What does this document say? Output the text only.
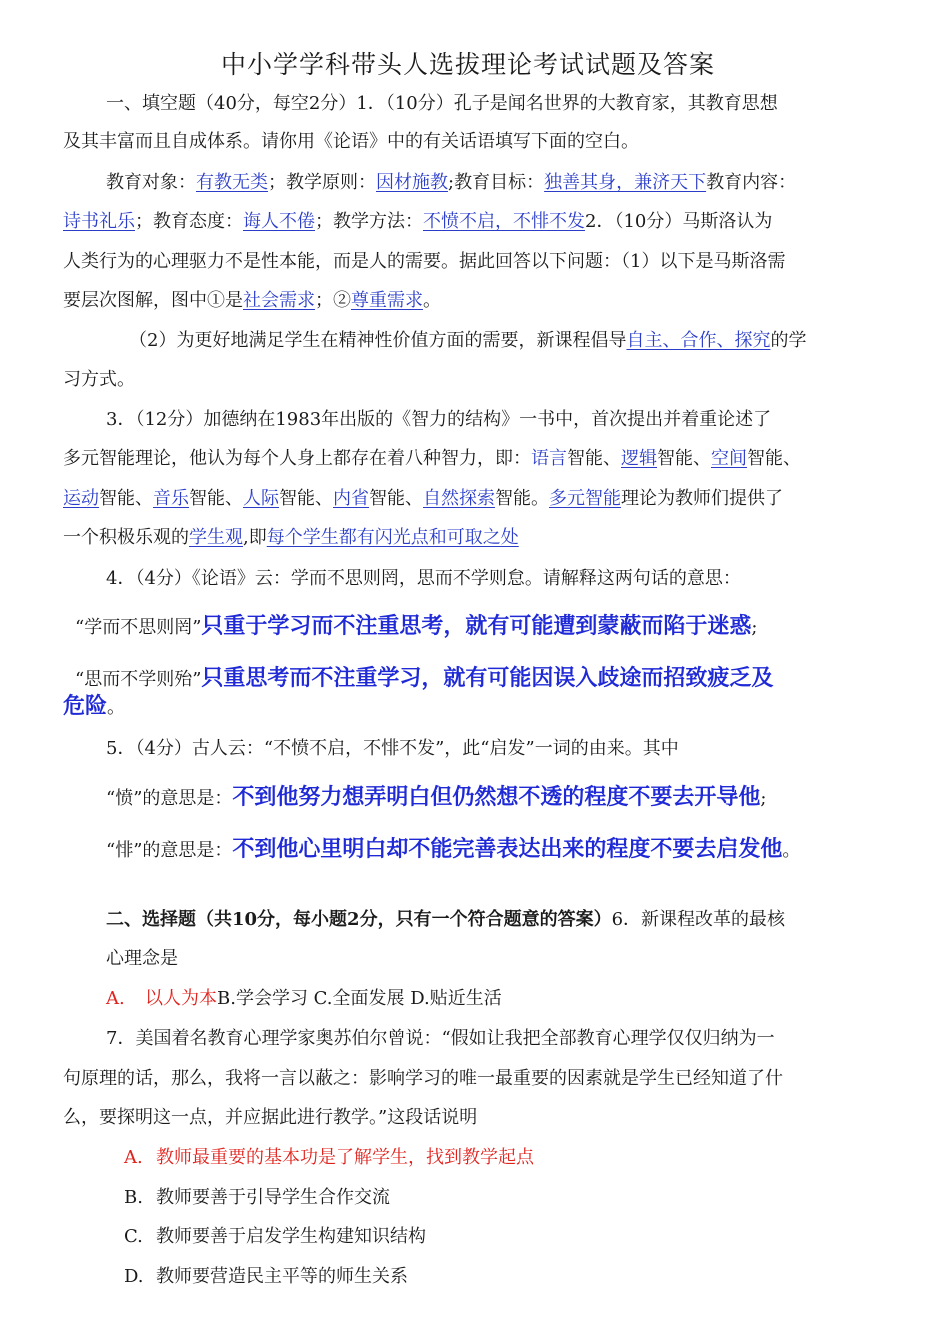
中小学学科带头人选拔理论考试试题及答案
一、填空题（40分，每空2分）1．（10分）孔子是闻名世界的大教育家，其教育思想
及其丰富而且自成体系。请你用《论语》中的有关话语填写下面的空白。
教育对象：有教无类；教学原则：因材施教;教育目标：独善其身，兼济天下教育内容：
诗书礼乐；教育态度：诲人不倦；教学方法：不愤不启，不悱不发2．（10分）马斯洛认为
人类行为的心理驱力不是性本能，而是人的需要。据此回答以下问题：（1）以下是马斯洛需
要层次图解，图中①是社会需求；②尊重需求。
（2）为更好地满足学生在精神性价值方面的需要，新课程倡导自主、合作、探究的学
习方式。
3．（12分）加德纳在1983年出版的《智力的结构》一书中，首次提出并着重论述了
多元智能理论，他认为每个人身上都存在着八种智力，即：语言智能、逻辑智能、空间智能、
运动智能、音乐智能、人际智能、内省智能、自然探索智能。多元智能理论为教师们提供了
一个积极乐观的学生观,即每个学生都有闪光点和可取之处
4．（4分）《论语》云：学而不思则罔，思而不学则怠。请解释这两句话的意思：
“学而不思则罔”只重于学习而不注重思考，就有可能遭到蒙蔽而陷于迷惑;
“思而不学则殆”只重思考而不注重学习，就有可能因误入歧途而招致疲乏及
危险。
5．（4分）古人云：“不愤不启，不悱不发”，此“启发”一词的由来。其中
“愤”的意思是：不到他努力想弄明白但仍然想不透的程度不要去开导他;
“悱”的意思是：不到他心里明白却不能完善表达出来的程度不要去启发他。
二、选择题（共10分，每小题2分，只有一个符合题意的答案）6．新课程改革的最核
心理念是
A. 以人为本B.学会学习 C.全面发展 D.贴近生活
7．美国着名教育心理学家奥苏伯尔曾说：“假如让我把全部教育心理学仅仅归纳为一
句原理的话，那么，我将一言以蔽之：影响学习的唯一最重要的因素就是学生已经知道了什
么，要探明这一点，并应据此进行教学。”这段话说明
A. 教师最重要的基本功是了解学生，找到教学起点
B. 教师要善于引导学生合作交流
C. 教师要善于启发学生构建知识结构
D. 教师要营造民主平等的师生关系
